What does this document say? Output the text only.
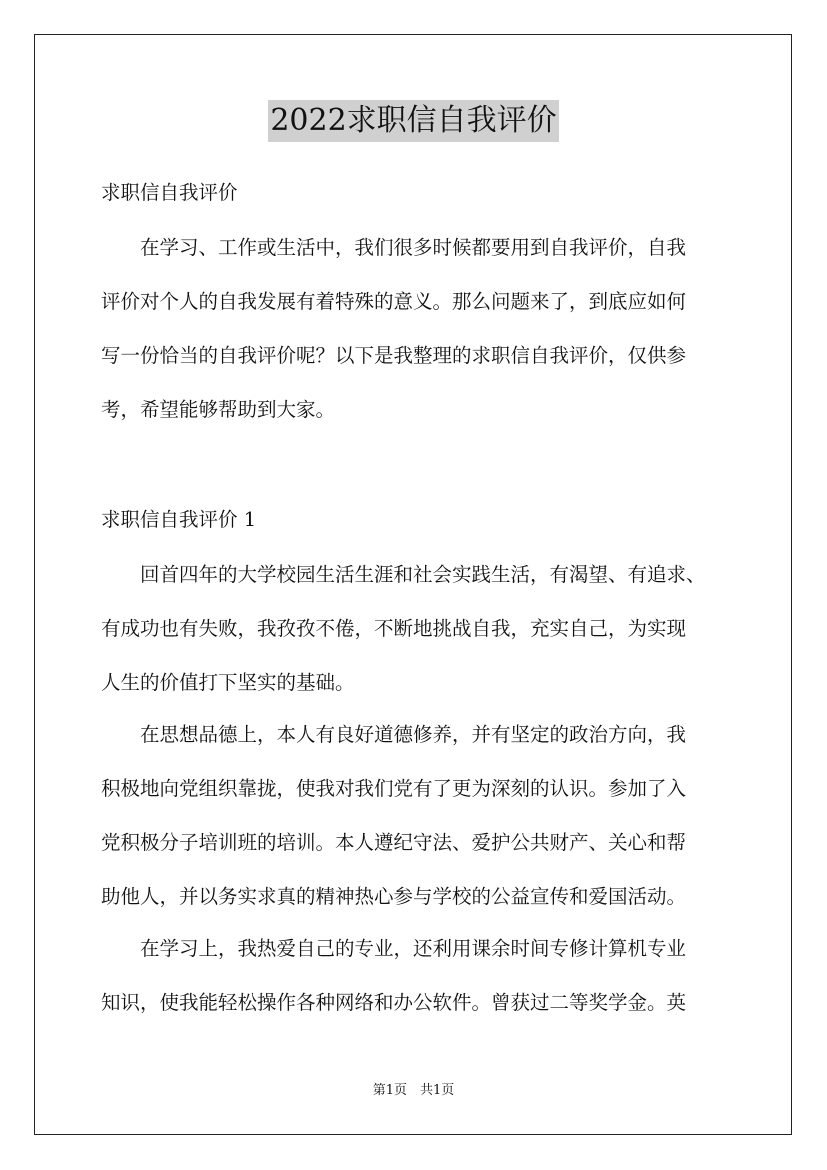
2022求职信自我评价
求职信自我评价
在学习、工作或生活中，我们很多时候都要用到自我评价，自我
评价对个人的自我发展有着特殊的意义。那么问题来了，到底应如何
写一份恰当的自我评价呢？以下是我整理的求职信自我评价，仅供参
考，希望能够帮助到大家。
求职信自我评价 1
回首四年的大学校园生活生涯和社会实践生活，有渴望、有追求、
有成功也有失败，我孜孜不倦，不断地挑战自我，充实自己，为实现
人生的价值打下坚实的基础。
在思想品德上，本人有良好道德修养，并有坚定的政治方向，我
积极地向党组织靠拢，使我对我们党有了更为深刻的认识。参加了入
党积极分子培训班的培训。本人遵纪守法、爱护公共财产、关心和帮
助他人，并以务实求真的精神热心参与学校的公益宣传和爱国活动。
在学习上，我热爱自己的专业，还利用课余时间专修计算机专业
知识，使我能轻松操作各种网络和办公软件。曾获过二等奖学金。英
第1页　共1页
